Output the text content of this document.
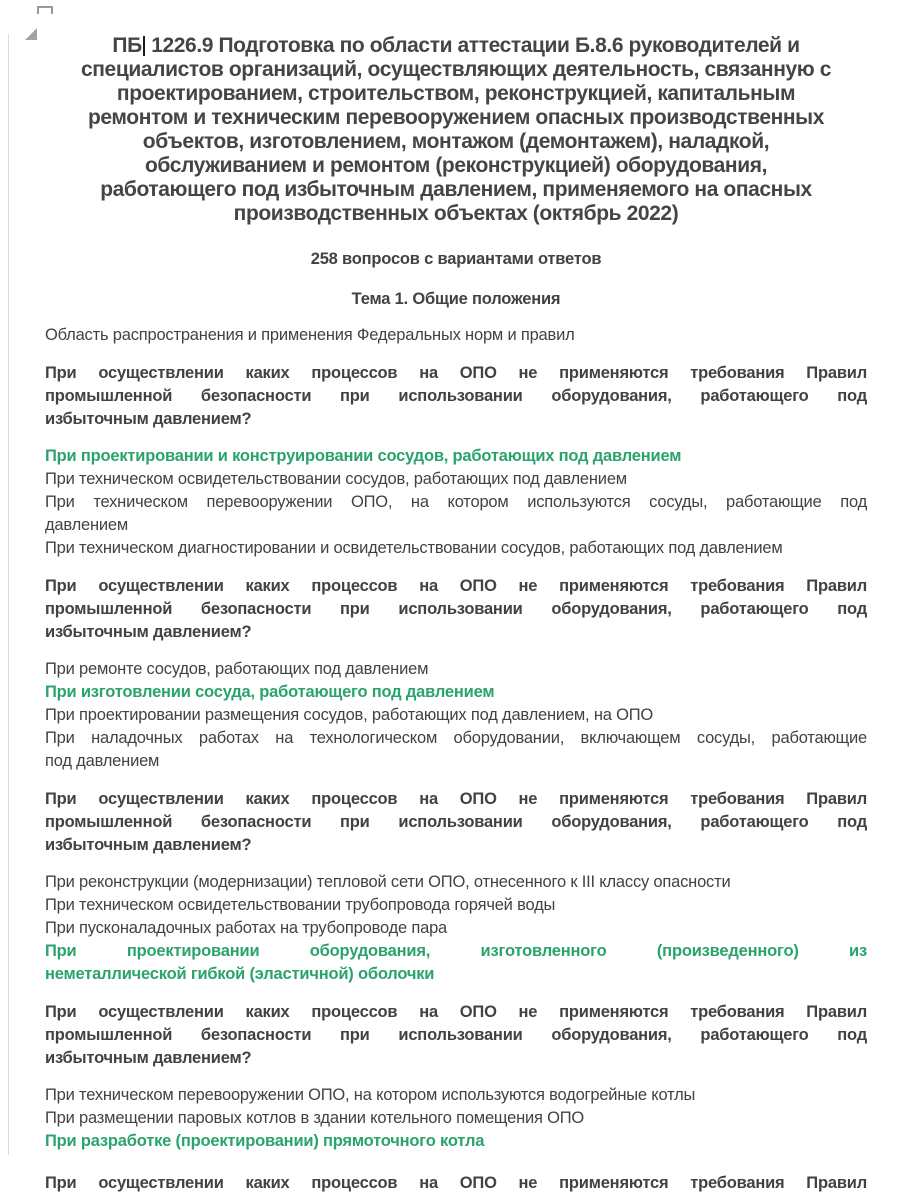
ПБ 1226.9 Подготовка по области аттестации Б.8.6 руководителей и
специалистов организаций, осуществляющих деятельность, связанную с
проектированием, строительством, реконструкцией, капитальным
ремонтом и техническим перевооружением опасных производственных
объектов, изготовлением, монтажом (демонтажем), наладкой,
обслуживанием и ремонтом (реконструкцией) оборудования,
работающего под избыточным давлением, применяемого на опасных
производственных объектах (октябрь 2022)

258 вопросов с вариантами ответов

Тема 1. Общие положения

Область распространения и применения Федеральных норм и правил

При осуществлении каких процессов на ОПО не применяются требования Правил
промышленной безопасности при использовании оборудования, работающего под
избыточным давлением?
При проектировании и конструировании сосудов, работающих под давлением
При техническом освидетельствовании сосудов, работающих под давлением
При техническом перевооружении ОПО, на котором используются сосуды, работающие под
давлением
При техническом диагностировании и освидетельствовании сосудов, работающих под давлением
При осуществлении каких процессов на ОПО не применяются требования Правил
промышленной безопасности при использовании оборудования, работающего под
избыточным давлением?
При ремонте сосудов, работающих под давлением
При изготовлении сосуда, работающего под давлением
При проектировании размещения сосудов, работающих под давлением, на ОПО
При наладочных работах на технологическом оборудовании, включающем сосуды, работающие
под давлением
При осуществлении каких процессов на ОПО не применяются требования Правил
промышленной безопасности при использовании оборудования, работающего под
избыточным давлением?
При реконструкции (модернизации) тепловой сети ОПО, отнесенного к III классу опасности
При техническом освидетельствовании трубопровода горячей воды
При пусконаладочных работах на трубопроводе пара
При проектировании оборудования, изготовленного (произведенного) из
неметаллической гибкой (эластичной) оболочки
При осуществлении каких процессов на ОПО не применяются требования Правил
промышленной безопасности при использовании оборудования, работающего под
избыточным давлением?
При техническом перевооружении ОПО, на котором используются водогрейные котлы
При размещении паровых котлов в здании котельного помещения ОПО
При разработке (проектировании) прямоточного котла
При осуществлении каких процессов на ОПО не применяются требования Правил
